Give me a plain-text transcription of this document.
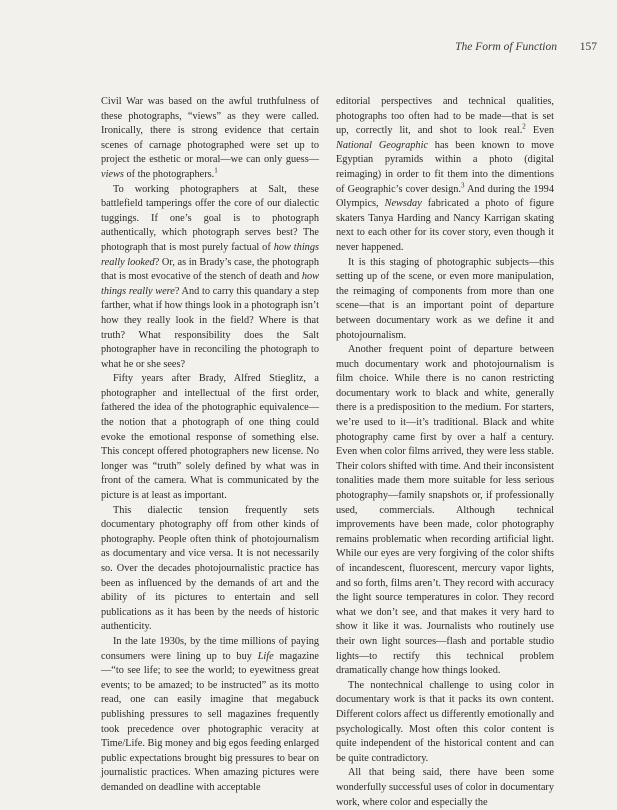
The Form of Function 157

Civil War was based on the awful truthfulness of these photographs, “views” as they were called. Ironically, there is strong evidence that certain scenes of carnage photographed were set up to project the esthetic or moral—we can only guess—views of the photographers.$^1$

To working photographers at Salt, these battlefield tamperings offer the core of our dialectic tuggings. If one’s goal is to photograph authentically, which photograph serves best? The photograph that is most purely factual of how things really looked? Or, as in Brady’s case, the photograph that is most evocative of the stench of death and how things really were? And to carry this quandary a step farther, what if how things look in a photograph isn’t how they really look in the field? Where is that truth? What responsibility does the Salt photographer have in reconciling the photograph to what he or she sees?

Fifty years after Brady, Alfred Stieglitz, a photographer and intellectual of the first order, fathered the idea of the photographic equivalence—the notion that a photograph of one thing could evoke the emotional response of something else. This concept offered photographers new license. No longer was “truth” solely defined by what was in front of the camera. What is communicated by the picture is at least as important.

This dialectic tension frequently sets documentary photography off from other kinds of photography. People often think of photojournalism as documentary and vice versa. It is not necessarily so. Over the decades photojournalistic practice has been as influenced by the demands of art and the ability of its pictures to entertain and sell publications as it has been by the needs of historic authenticity.

In the late 1930s, by the time millions of paying consumers were lining up to buy Life magazine—“to see life; to see the world; to eyewitness great events; to be amazed; to be instructed” as its motto read, one can easily imagine that megabuck publishing pressures to sell magazines frequently took precedence over photographic veracity at Time/Life. Big money and big egos feeding enlarged public expectations brought big pressures to bear on journalistic practices. When amazing pictures were demanded on deadline with acceptable

editorial perspectives and technical qualities, photographs too often had to be made—that is set up, correctly lit, and shot to look real.$^2$ Even National Geographic has been known to move Egyptian pyramids within a photo (digital reimaging) in order to fit them into the dimentions of Geographic’s cover design.$^3$ And during the 1994 Olympics, Newsday fabricated a photo of figure skaters Tanya Harding and Nancy Karrigan skating next to each other for its cover story, even though it never happened.

It is this staging of photographic subjects—this setting up of the scene, or even more manipulation, the reimaging of components from more than one scene—that is an important point of departure between documentary work as we define it and photojournalism.

Another frequent point of departure between much documentary work and photojournalism is film choice. While there is no canon restricting documentary work to black and white, generally there is a predisposition to the medium. For starters, we’re used to it—it’s traditional. Black and white photography came first by over a half a century. Even when color films arrived, they were less stable. Their colors shifted with time. And their inconsistent tonalities made them more suitable for less serious photography—family snapshots or, if professionally used, commercials. Although technical improvements have been made, color photography remains problematic when recording artificial light. While our eyes are very forgiving of the color shifts of incandescent, fluorescent, mercury vapor lights, and so forth, films aren’t. They record with accuracy the light source temperatures in color. They record what we don’t see, and that makes it very hard to show it like it was. Journalists who routinely use their own light sources—flash and portable studio lights—to rectify this technical problem dramatically change how things looked.

The nontechnical challenge to using color in documentary work is that it packs its own content. Different colors affect us differently emotionally and psychologically. Most often this color content is quite independent of the historical content and can be quite contradictory.

All that being said, there have been some wonderfully successful uses of color in documentary work, where color and especially the
